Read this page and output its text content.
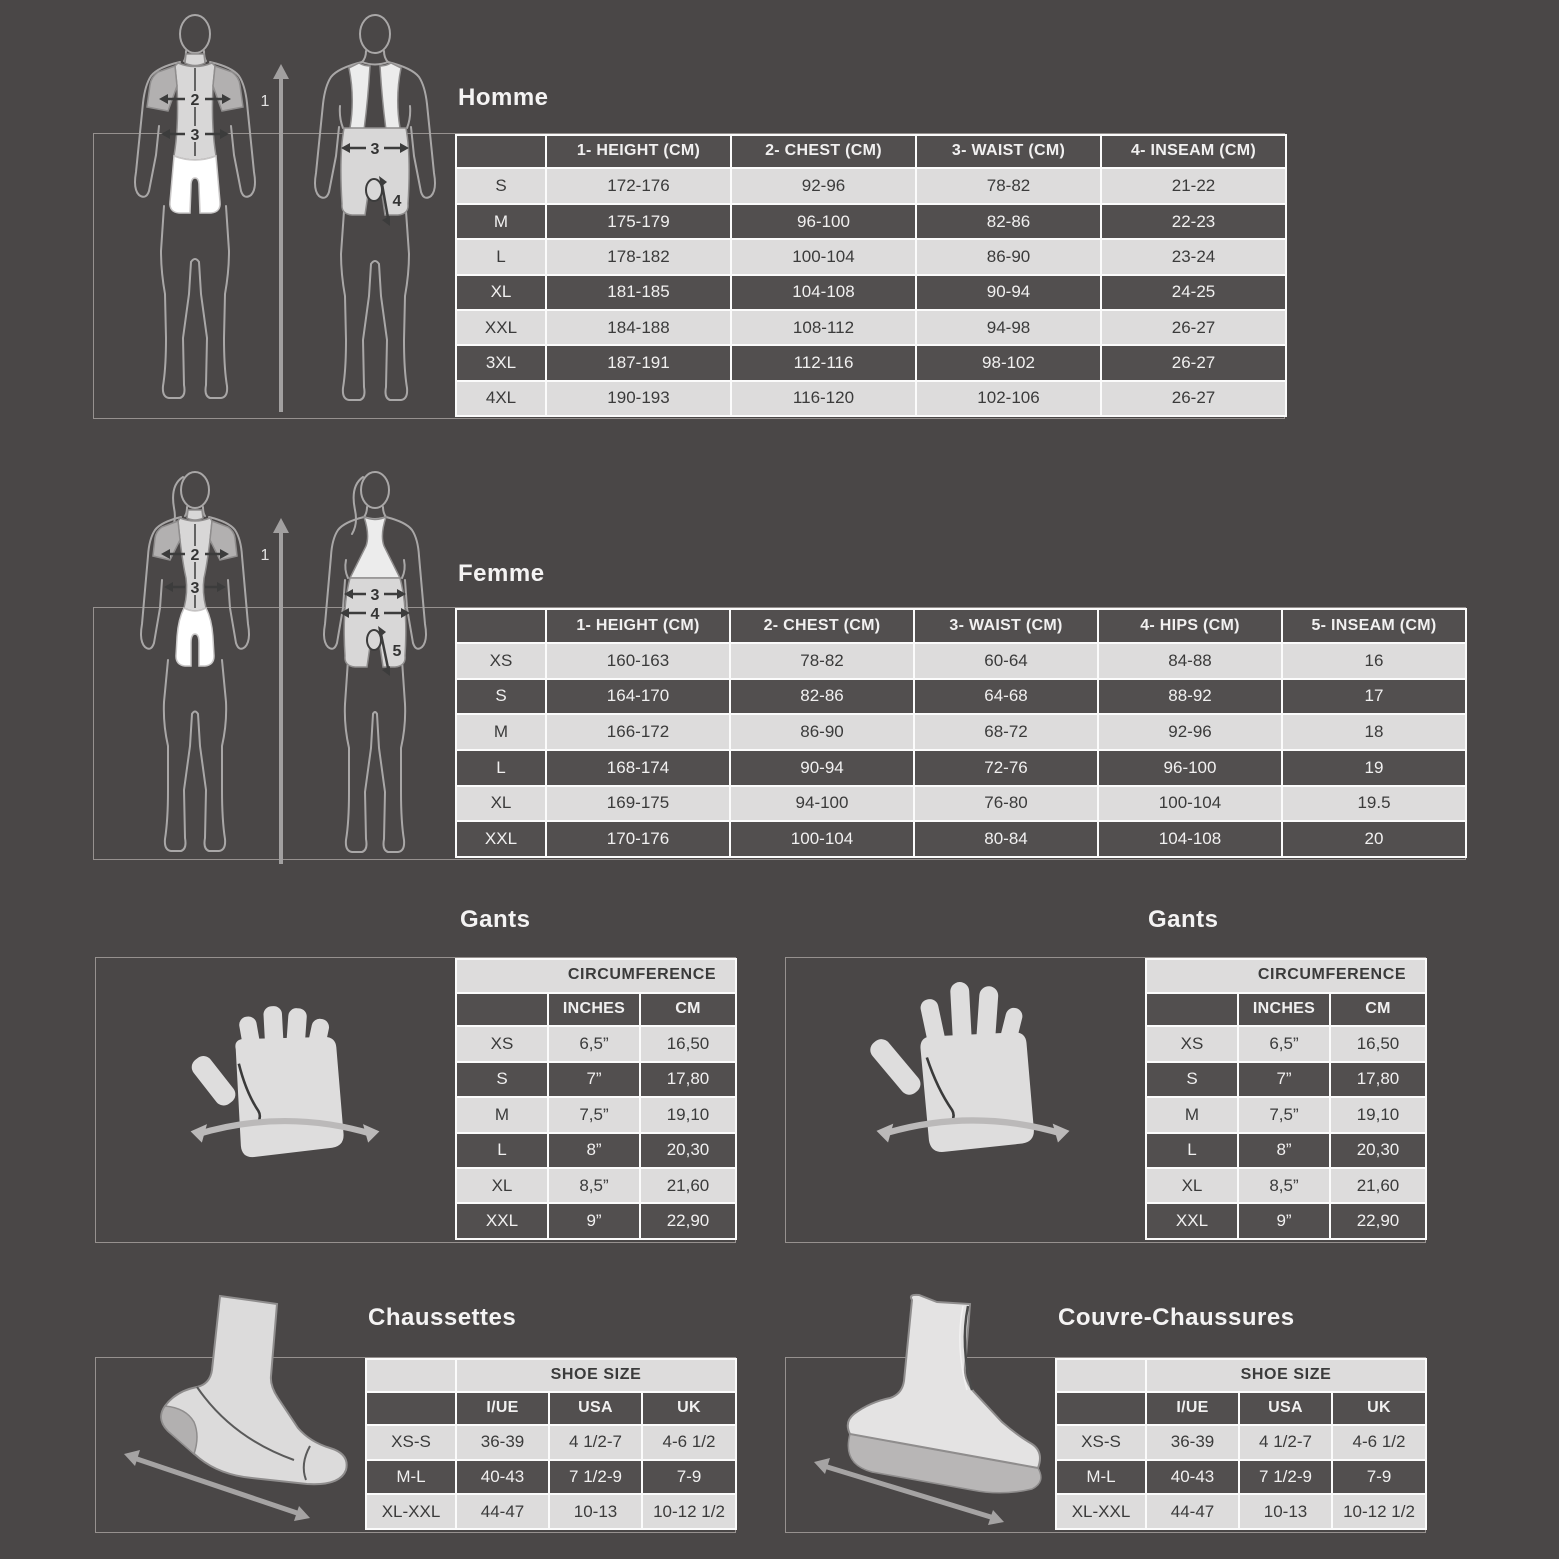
1
2
3
3
4
1
2
3	3
4
5
Homme
Femme
Gants	Gants
Chaussettes	Couvre-Chaussures
	1- HEIGHT (CM)	2- CHEST (CM)	3- WAIST (CM)	4- INSEAM (CM)
S	172-176	92-96	78-82	21-22
M	175-179	96-100	82-86	22-23
L	178-182	100-104	86-90	23-24
XL	181-185	104-108	90-94	24-25
XXL	184-188	108-112	94-98	26-27
3XL	187-191	112-116	98-102	26-27
4XL	190-193	116-120	102-106	26-27
	1- HEIGHT (CM)	2- CHEST (CM)	3- WAIST (CM)	4- HIPS (CM)	5- INSEAM (CM)
XS	160-163	78-82	60-64	84-88	16
S	164-170	82-86	64-68	88-92	17
M	166-172	86-90	68-72	92-96	18
L	168-174	90-94	72-76	96-100	19
XL	169-175	94-100	76-80	100-104	19.5
XXL	170-176	100-104	80-84	104-108	20
CIRCUMFERENCE		
	INCHES	CM
XS	6,5”	16,50
S	7”	17,80
M	7,5”	19,10
L	8”	20,30
XL	8,5”	21,60
XXL	9”	22,90
CIRCUMFERENCE		
	INCHES	CM
XS	6,5”	16,50
S	7”	17,80
M	7,5”	19,10
L	8”	20,30
XL	8,5”	21,60
XXL	9”	22,90
	SHOE SIZE		
	I/UE	USA	UK
XS-S	36-39	4 1/2-7	4-6 1/2
M-L	40-43	7 1/2-9	7-9
XL-XXL	44-47	10-13	10-12 1/2
	SHOE SIZE		
	I/UE	USA	UK
XS-S	36-39	4 1/2-7	4-6 1/2
M-L	40-43	7 1/2-9	7-9
XL-XXL	44-47	10-13	10-12 1/2
